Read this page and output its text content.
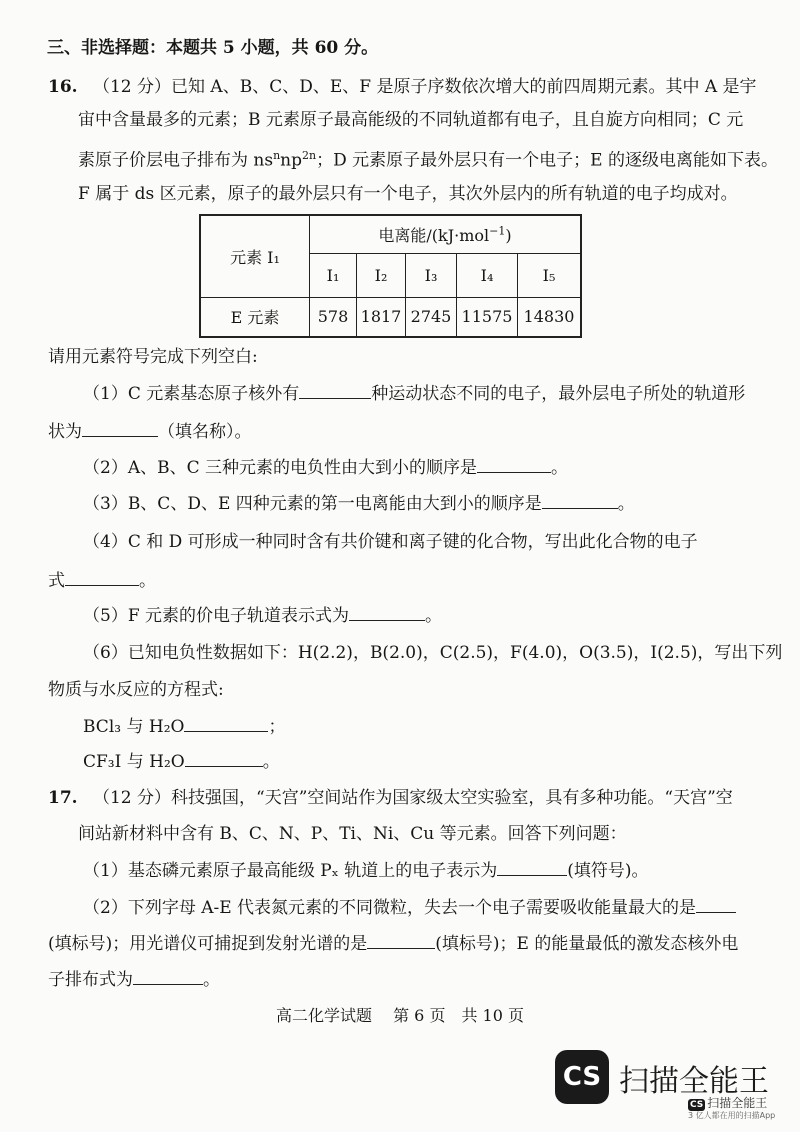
三、非选择题：本题共 5 小题，共 60 分。
16. （12 分）已知 A、B、C、D、E、F 是原子序数依次增大的前四周期元素。其中 A 是宇
宙中含量最多的元素；B 元素原子最高能级的不同轨道都有电子，且自旋方向相同；C 元
素原子价层电子排布为 $ns^nnp^{2n}$；D 元素原子最外层只有一个电子；E 的逐级电离能如下表。
F 属于 ds 区元素，原子的最外层只有一个电子，其次外层内的所有轨道的电子均成对。
元素 I₁	电离能/(kJ·mol$^{-1}$)				
	I₁	I₂	I₃	I₄	I₅
E 元素	578	1817	2745	11575	14830
请用元素符号完成下列空白:
（1）C 元素基态原子核外有	种运动状态不同的电子，最外层电子所处的轨道形
状为	（填名称）。
（2）A、B、C 三种元素的电负性由大到小的顺序是	。
（3）B、C、D、E 四种元素的第一电离能由大到小的顺序是	。
（4）C 和 D 可形成一种同时含有共价键和离子键的化合物，写出此化合物的电子
式	。
（5）F 元素的价电子轨道表示式为	。
（6）已知电负性数据如下：H(2.2)，B(2.0)，C(2.5)，F(4.0)，O(3.5)，I(2.5)，写出下列
物质与水反应的方程式:
BCl₃ 与 H₂O	；
CF₃I 与 H₂O	。
17. （12 分）科技强国，“天宫”空间站作为国家级太空实验室，具有多种功能。“天宫”空
间站新材料中含有 B、C、N、P、Ti、Ni、Cu 等元素。回答下列问题：
（1）基态磷元素原子最高能级 Pₓ 轨道上的电子表示为	(填符号)。
（2）下列字母 A-E 代表氮元素的不同微粒，失去一个电子需要吸收能量最大的是
(填标号)；用光谱仪可捕捉到发射光谱的是	(填标号)；E 的能量最低的激发态核外电
子排布式为	。
高二化学试题　 第 6 页　共 10 页
CS 扫描全能王
CS 扫描全能王
3 亿人都在用的扫描App
